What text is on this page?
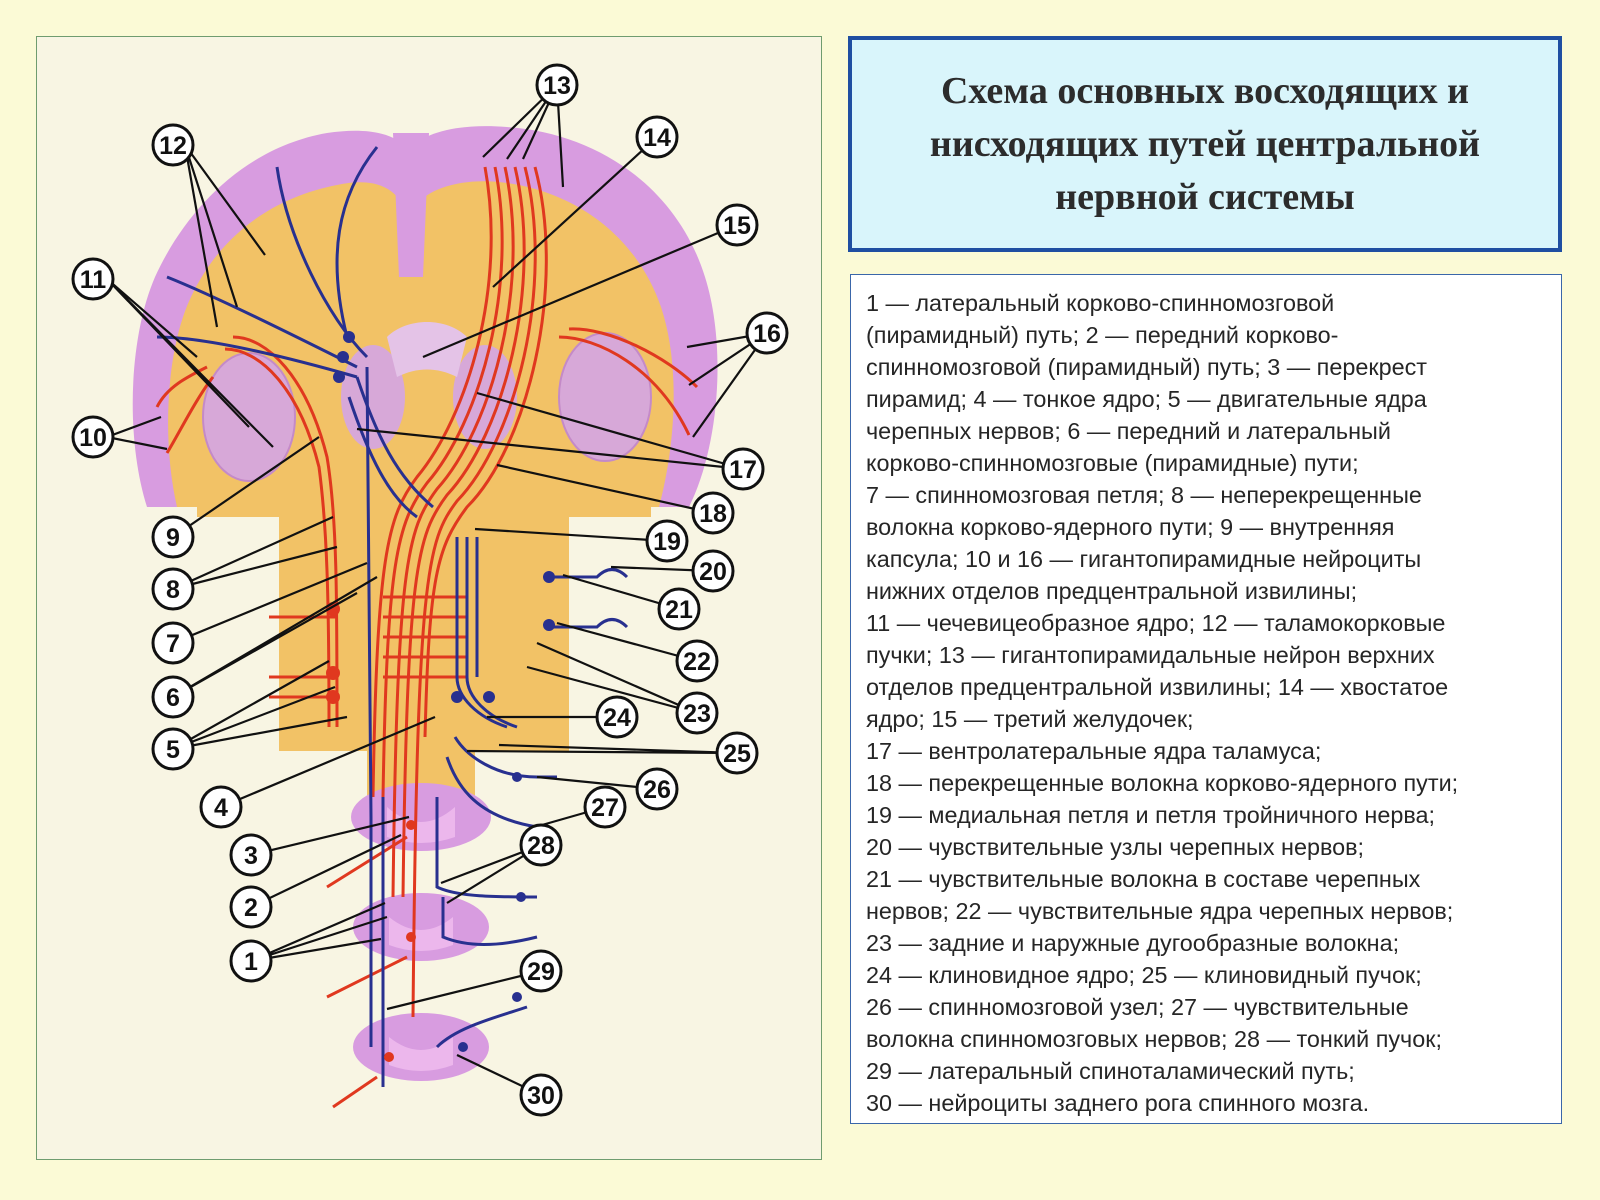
1
2
3
4
5
6
7
8
9
10
11
12
13
14
15
16
17
18
19
20
21
22
23
24
25
26
27
28
29
30
Схема основных восходящих и
нисходящих путей центральной
нервной системы
1 — латеральный корково-спинномозговой
(пирамидный) путь; 2 — передний корково-
спинномозговой (пирамидный) путь; 3 — перекрест
пирамид; 4 — тонкое ядро; 5 — двигательные ядра
черепных нервов; 6 — передний и латеральный
корково-спинномозговые (пирамидные) пути;
7 — спинномозговая петля; 8 — неперекрещенные
волокна корково-ядерного пути; 9 — внутренняя
капсула; 10 и 16 — гигантопирамидные нейроциты
нижних отделов предцентральной извилины;
11 — чечевицеобразное ядро; 12 — таламокорковые
пучки; 13 — гигантопирамидальные нейрон верхних
отделов предцентральной извилины; 14 — хвостатое
ядро; 15 — третий желудочек;
17 — вентролатеральные ядра таламуса;
18 — перекрещенные волокна корково-ядерного пути;
19 — медиальная петля и петля тройничного нерва;
20 — чувствительные узлы черепных нервов;
21 — чувствительные волокна в составе черепных
нервов; 22 — чувствительные ядра черепных нервов;
23 — задние и наружные дугообразные волокна;
24 — клиновидное ядро; 25 — клиновидный пучок;
26 — спинномозговой узел; 27 — чувствительные
волокна спинномозговых нервов; 28 — тонкий пучок;
29 — латеральный спиноталамический путь;
30 — нейроциты заднего рога спинного мозга.
